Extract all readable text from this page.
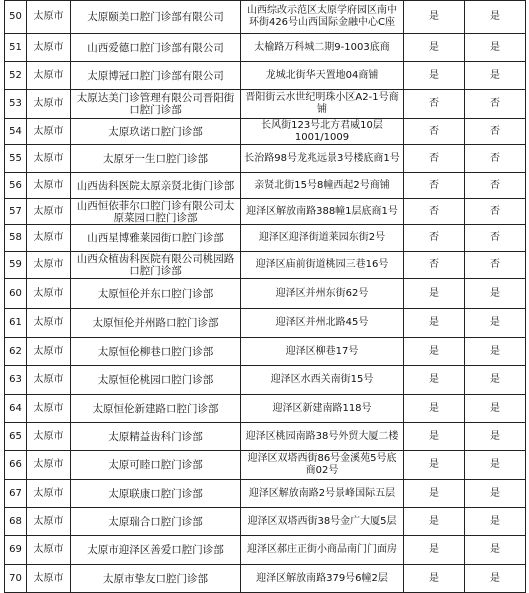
50	太原市	太原颐美口腔门诊部有限公司	山西综改示范区太原学府园区南中环街426号山西国际金融中心C座	是	是
51	太原市	山西爱德口腔门诊部有限公司	太榆路万科城二期9-1003底商	是	是
52	太原市	太原博冠口腔门诊部有限公司	龙城北街华天置地04商铺	是	是
53	太原市	太原达美门诊管理有限公司晋阳街口腔门诊部	晋阳街云水世纪明珠小区A2-1号商铺	否	否
54	太原市	太原玖诺口腔门诊部	长风街123号北方君威10层1001/1009	否	否
55	太原市	太原牙一生口腔门诊部	长治路98号龙兆远景3号楼底商1号	否	否
56	太原市	山西齿科医院太原亲贤北街门诊部	亲贤北街15号8幢西起2号商铺	否	否
57	太原市	山西恒依菲尔口腔门诊有限公司太原菜园口腔门诊部	迎泽区解放南路388幢1层底商1号	否	否
58	太原市	山西星博雅莱园街口腔门诊部	迎泽区迎泽街道莱园东街2号	否	否
59	太原市	山西众植齿科医院有限公司桃园路口腔门诊部	迎泽区庙前街道桃园三巷16号	否	否
60	太原市	太原恒伦并东口腔门诊部	迎泽区并州东街62号	是	是
61	太原市	太原恒伦并州路口腔门诊部	迎泽区并州北路45号	是	是
62	太原市	太原恒伦柳巷口腔门诊部	迎泽区柳巷17号	是	是
63	太原市	太原恒伦桃园口腔门诊部	迎泽区水西关南街15号	是	是
64	太原市	太原恒伦新建路口腔门诊部	迎泽区新建南路118号	是	是
65	太原市	太原精益齿科门诊部	迎泽区桃园南路38号外贸大厦二楼	是	是
66	太原市	太原可睦口腔门诊部	迎泽区双塔西街86号金溪苑5号底商02号	是	是
67	太原市	太原联康口腔门诊部	迎泽区解放南路2号景峰国际五层	是	是
68	太原市	太原瑞合口腔门诊部	迎泽区双塔西街38号金广大厦5层	是	是
69	太原市	太原市迎泽区善爱口腔门诊部	迎泽区郝庄正街小商品南门门面房	是	是
70	太原市	太原市挚友口腔门诊部	迎泽区解放南路379号6幢2层	是	是
